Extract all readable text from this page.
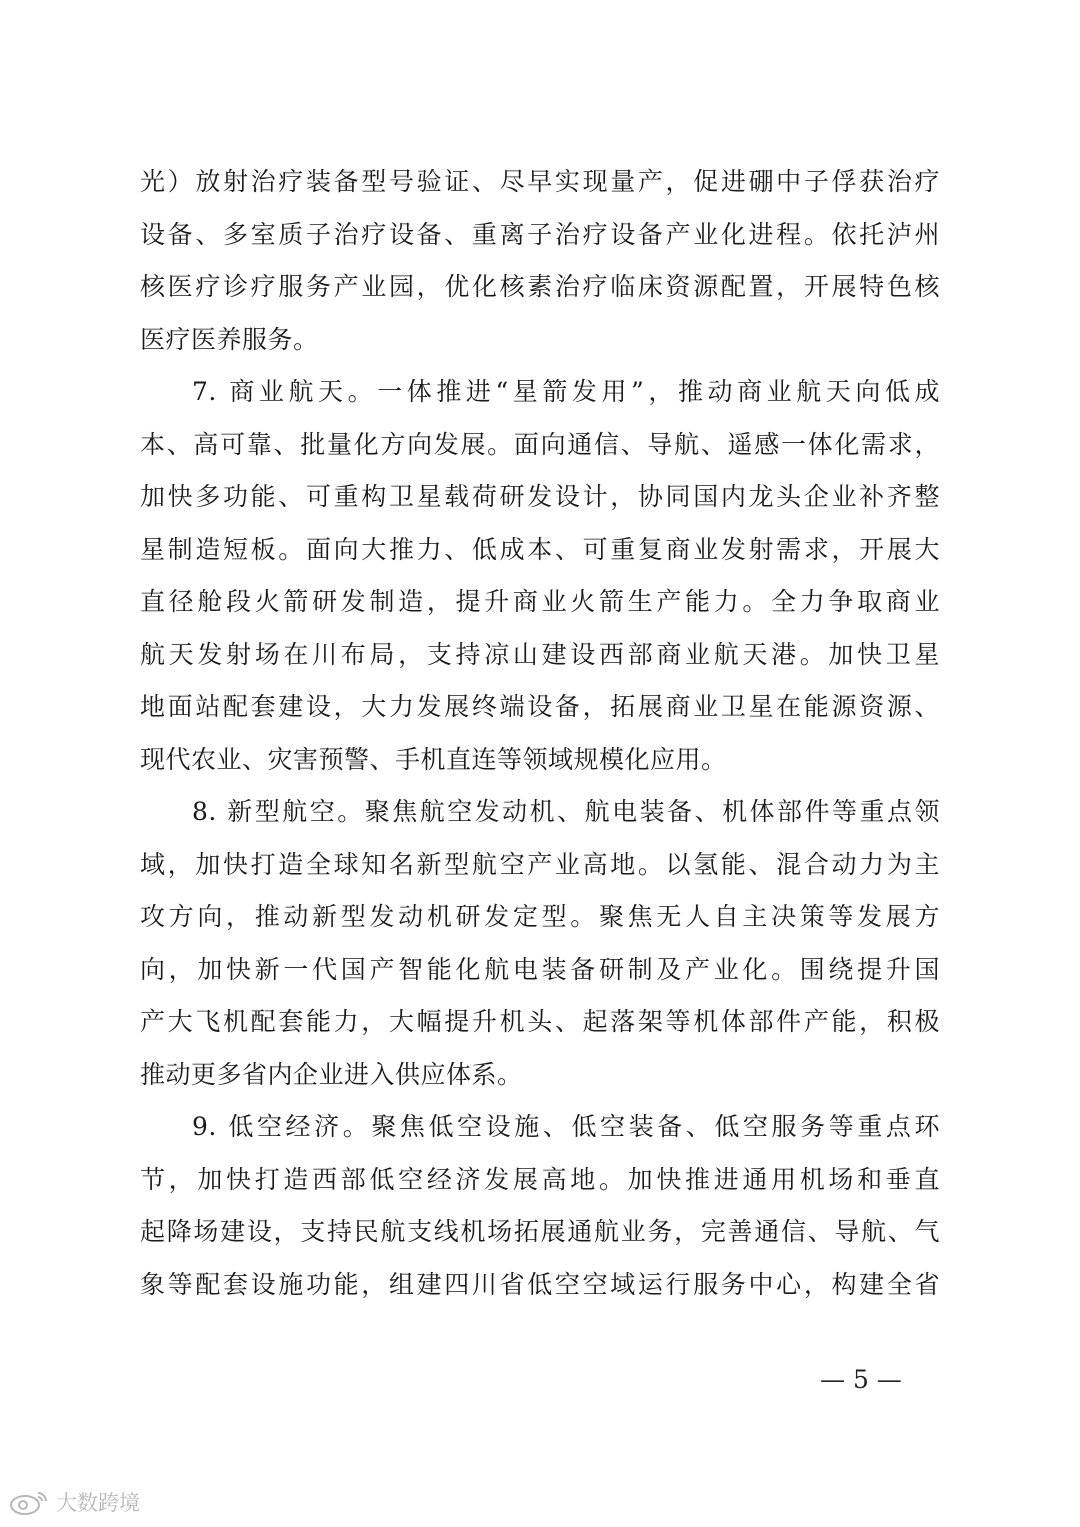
光）放射治疗装备型号验证、尽早实现量产，促进硼中子俘获治疗
设备、多室质子治疗设备、重离子治疗设备产业化进程。依托泸州
核医疗诊疗服务产业园，优化核素治疗临床资源配置，开展特色核
医疗医养服务。
7. 商业航天。一体推进“星箭发用”，推动商业航天向低成
本、高可靠、批量化方向发展。面向通信、导航、遥感一体化需求，
加快多功能、可重构卫星载荷研发设计，协同国内龙头企业补齐整
星制造短板。面向大推力、低成本、可重复商业发射需求，开展大
直径舱段火箭研发制造，提升商业火箭生产能力。全力争取商业
航天发射场在川布局，支持凉山建设西部商业航天港。加快卫星
地面站配套建设，大力发展终端设备，拓展商业卫星在能源资源、
现代农业、灾害预警、手机直连等领域规模化应用。
8. 新型航空。聚焦航空发动机、航电装备、机体部件等重点领
域，加快打造全球知名新型航空产业高地。以氢能、混合动力为主
攻方向，推动新型发动机研发定型。聚焦无人自主决策等发展方
向，加快新一代国产智能化航电装备研制及产业化。围绕提升国
产大飞机配套能力，大幅提升机头、起落架等机体部件产能，积极
推动更多省内企业进入供应体系。
9. 低空经济。聚焦低空设施、低空装备、低空服务等重点环
节，加快打造西部低空经济发展高地。加快推进通用机场和垂直
起降场建设，支持民航支线机场拓展通航业务，完善通信、导航、气
象等配套设施功能，组建四川省低空空域运行服务中心，构建全省
— 5 —
大数跨境
